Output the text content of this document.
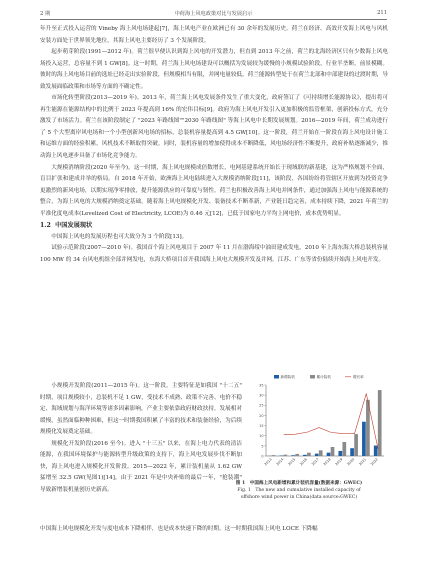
2 期	中荷海上风电政策对比与发展启示	211

年升至正式投入运营的 Vineby 海上风电场建起[7]，海上风电产业在欧洲已有 30 余年的发展历史。荷兰在经济、高效开发海上风电与风机安装方面处于世界领先地位，其海上风电主要经历了 3 个发展阶段。

起步萌芽阶段(1991—2012 年)。荷兰很早便认识到海上风电的开发潜力，但直到 2013 年之前，荷兰的北海经济区只有少数海上风电场投入运营，总容量不到 1 GW[8]。这一时期，荷兰海上风电场建设可以概括为发展较为缓慢的小规模试验阶段，行业半垄断，前景模糊。彼时的海上风电场目前的选址已经走出实验阶段，但规模相当有限，并网电量较低。荷兰能源转型处于在荷兰北部和中部建设的过渡时期，导致发展面临政策和市场等方面的不确定性。

市场化转型阶段(2013—2019 年)。2013 年，荷兰海上风电发展条件发生了重大变化，政府签订了《可持续增长能源协议》，提出将可再生能源在能源结构中的比例于 2023 年提高到 16% 的宏伟目标[9]。政府为海上风电开发引入更加积极的监管框架，创新投标方式，充分激发了市场活力。荷兰在该阶段制定了 "2023 年路线图""2030 年路线图" 等海上风电中长期发展规划。2016—2019 年间，荷兰成功进行了 5 个大型离岸风电场和一个小型创新风电场的招标，总装机容量提高到 4.5 GW[10]。这一阶段，荷兰开始在一阶段在海上风电设计施工和运维方面的经验积累，风机技术不断取得突破。同时，装机容量的增加使得成本不断降低，风电场经济性不断提升，政府补贴逐渐减少，推动海上风电逐步具备了市场化竞争能力。

大规模消纳阶段(2020 年至今)。这一时期，海上风电规模成倍数增长，电网基建系统开始长于现域联的新基建，这为严格规划不全面，盲目扩张和建成并举的格局。自 2018 年开始，欧洲海上风电陆续进入大规模消纳阶段[11]，该阶段，各国纷纷将管辖区开放到为投资竞争更激烈的新风电场，以期实现净零排放，提升能源供应的可靠度与韧性。荷兰也积极改善海上风电并网条件，通过加强海上风电与能源系统的整合，为海上风电的大规模消纳奠定基础。随着海上风电规模化开发、装备技术不断革新，产业链日趋完善，成本持续下降，2021 年荷兰的平准化度电成本(Levelized Cost of Electricity, LCOE)为 0.46 元[12]，已低于国家电力平均上网电价，成本优势明显。

1.2 中国发展现状

中国海上风电的发展历程也可大致分为 3 个阶段[13]。

试验示范阶段(2007—2010 年)。我国首个海上风电项目于 2007 年 11 月在渤海绥中油田建成发电，2010 年上海东海大桥总装机容量 100 MW 的 34 台风电机组全部并网发电，东海大桥项目首开我国海上风电大规模开发及并网。江苏、广东等省份陆续开始海上风电开发。

小规模开发阶段(2011—2015 年)。这一阶段，主要特征是如我国 "十二五" 时期，项目规模较小，总装机不足 1 GW，受技术不成熟、政策不完善、电价不稳定、海域规划与海洋环境等诸多因素影响，产业主要依靠政府财政扶持，发展相对缓慢，虽然面临种种困难，但这一时期我国积累了丰富的技术和装备经验，为后续规模化发展奠定基础。

规模化开发阶段(2016 至今)。进入 "十三五" 以来，在海上电力代表的清洁能源，在我国环境保护与能源转型升级政策的支持下，海上风电发展步伐不断加快，海上风电进入规模化开发阶段。2015—2022 年，累计装机量从 1.62 GW 猛增至 32.5 GW(见图1)[14]，由于 2021 年是中央补贴的最后一年，"抢装潮" 导致新增装机量创历史新高。

0
5
10
15
20
25
30
35
新增装机	累计装机	增长率
2013 2014 2015 2016 2017 2018 2019 2020 2021 2022
图 1　中国海上风电新增和累计装机容量(数据来源：GWEC)
Fig. 1　The new and cumulative installed capacity of
offshore wind power in China(data source:GWEC)

中国海上风电规模化开发与度电成本下降相伴，也是成本快速下降的时期。这一时期我国海上风电 LOCE 下降幅
